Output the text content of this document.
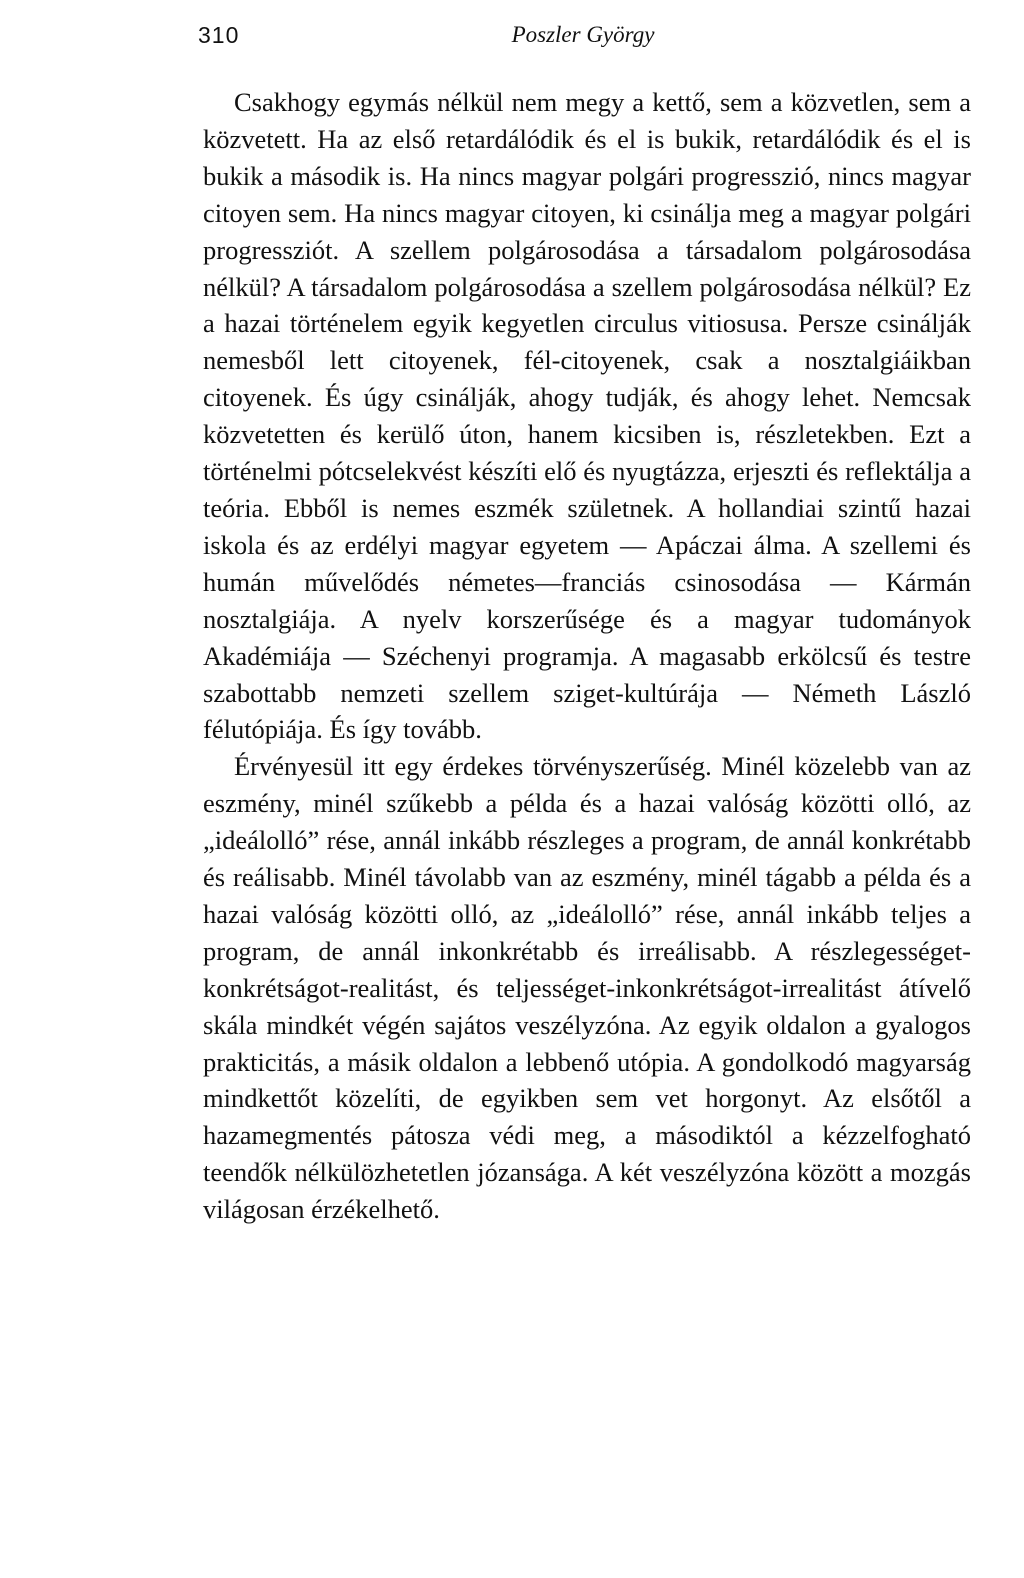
310	Poszler György

Csakhogy egymás nélkül nem megy a kettő, sem a közvetlen, sem a közvetett. Ha az első retardálódik és el is bukik, retardálódik és el is bukik a második is. Ha nincs magyar polgári progresszió, nincs magyar citoyen sem. Ha nincs magyar citoyen, ki csinálja meg a magyar polgári progressziót. A szellem polgárosodása a társadalom polgárosodása nélkül? A társadalom polgárosodása a szellem polgárosodása nélkül? Ez a hazai történelem egyik kegyetlen circulus vitiosusa. Persze csinálják nemesből lett citoyenek, fél-citoyenek, csak a nosztalgiáikban citoyenek. És úgy csinálják, ahogy tudják, és ahogy lehet. Nemcsak közvetetten és kerülő úton, hanem kicsiben is, részletekben. Ezt a történelmi pótcselekvést készíti elő és nyugtázza, erjeszti és reflektálja a teória. Ebből is nemes eszmék születnek. A hollandiai szintű hazai iskola és az erdélyi magyar egyetem — Apáczai álma. A szellemi és humán művelődés németes—franciás csinosodása — Kármán nosztalgiája. A nyelv korszerűsége és a magyar tudományok Akadémiája — Széchenyi programja. A magasabb erkölcsű és testre szabottabb nemzeti szellem sziget-kultúrája — Németh László félutópiája. És így tovább.

Érvényesül itt egy érdekes törvényszerűség. Minél közelebb van az eszmény, minél szűkebb a példa és a hazai valóság közötti olló, az „ideálolló” rése, annál inkább részleges a program, de annál konkrétabb és reálisabb. Minél távolabb van az eszmény, minél tágabb a példa és a hazai valóság közötti olló, az „ideálolló” rése, annál inkább teljes a program, de annál inkonkrétabb és irreálisabb. A részlegességet-konkrétságot-realitást, és teljességet-inkonkrétságot-irrealitást átívelő skála mindkét végén sajátos veszélyzóna. Az egyik oldalon a gyalogos prakticitás, a másik oldalon a lebbenő utópia. A gondolkodó magyarság mindkettőt közelíti, de egyikben sem vet horgonyt. Az elsőtől a hazamegmentés pátosza védi meg, a másodiktól a kézzelfogható teendők nélkülözhetetlen józansága. A két veszélyzóna között a mozgás világosan érzékelhető.
